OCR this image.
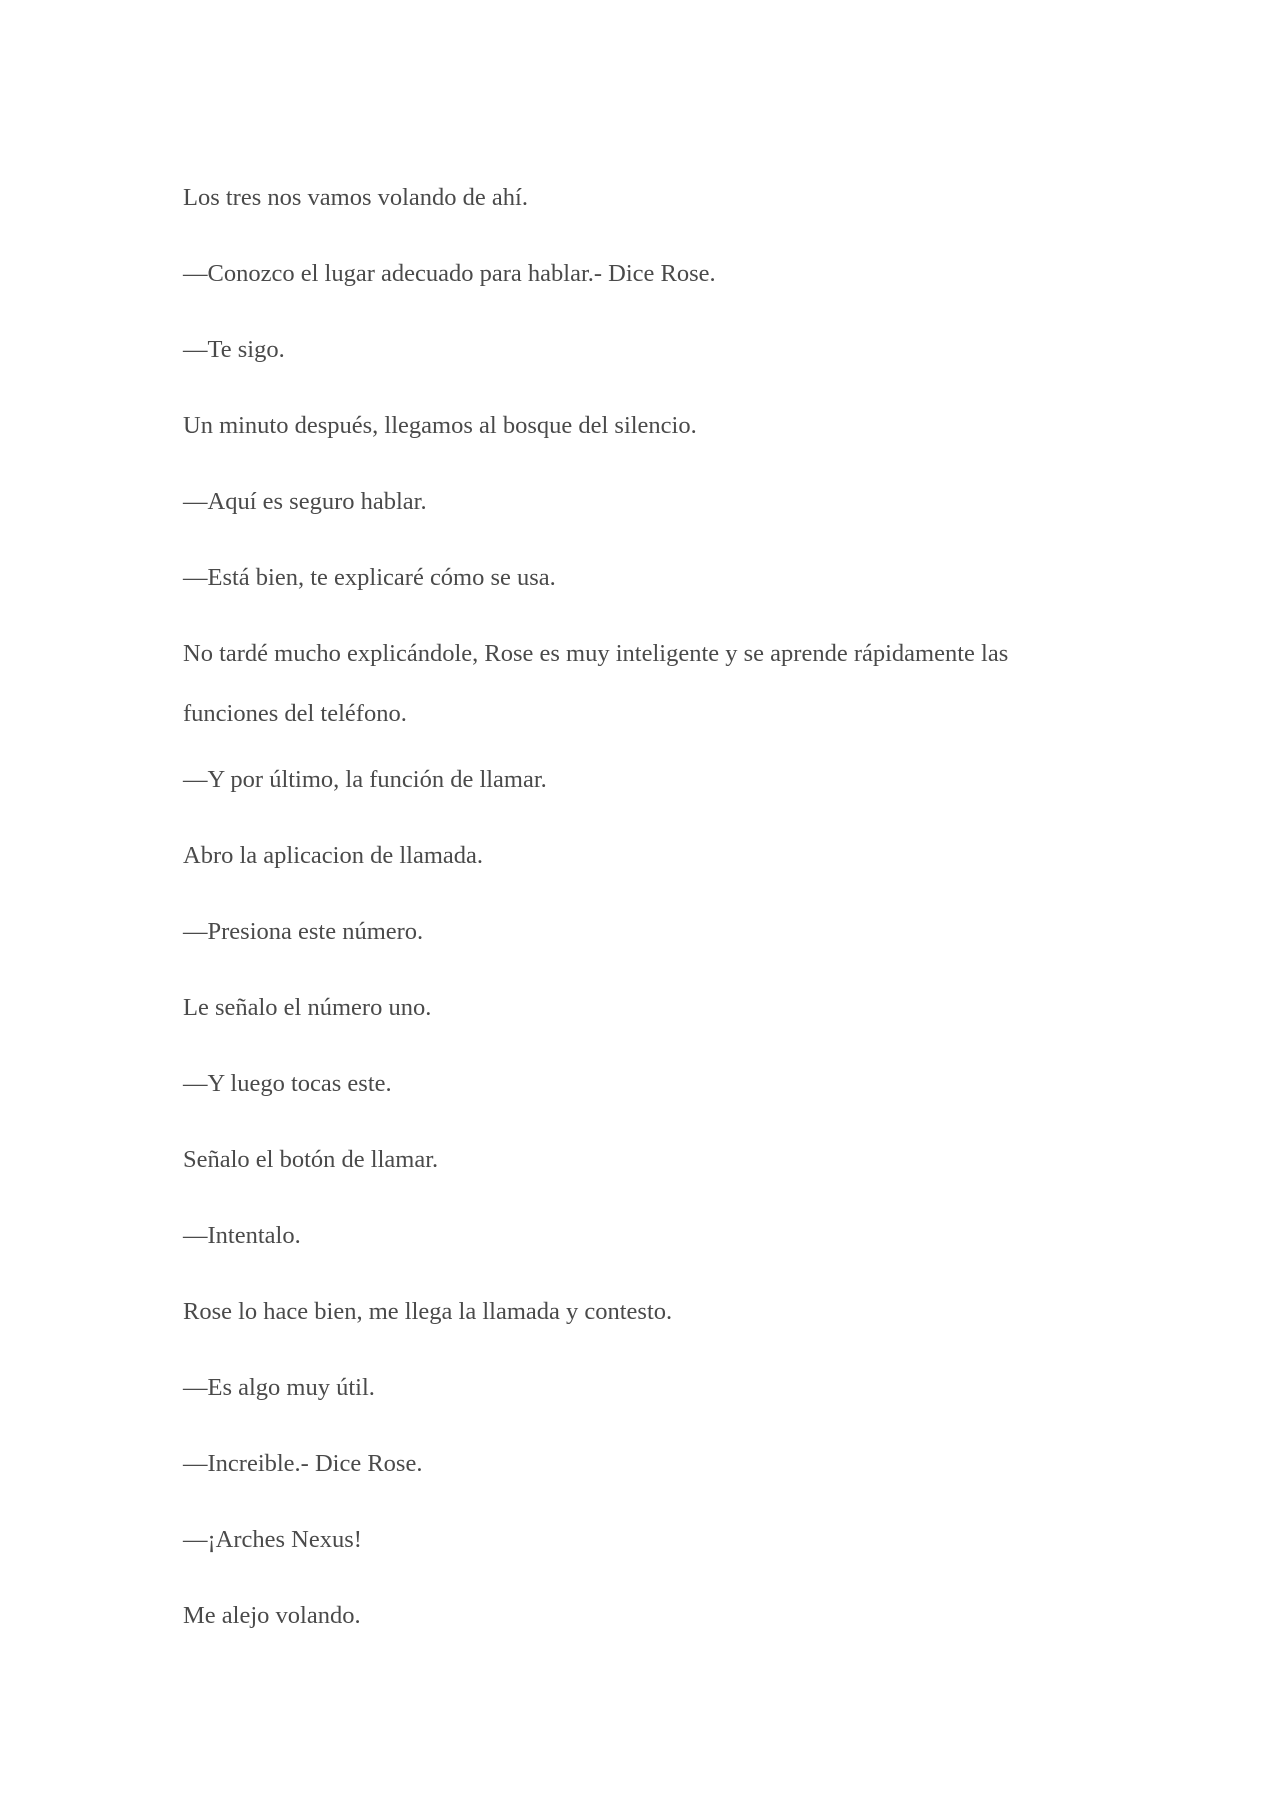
Los tres nos vamos volando de ahí.

—Conozco el lugar adecuado para hablar.- Dice Rose.

—Te sigo.

Un minuto después, llegamos al bosque del silencio.

—Aquí es seguro hablar.

—Está bien, te explicaré cómo se usa.

No tardé mucho explicándole, Rose es muy inteligente y se aprende rápidamente las funciones del teléfono.

—Y por último, la función de llamar.

Abro la aplicacion de llamada.

—Presiona este número.

Le señalo el número uno.

—Y luego tocas este.

Señalo el botón de llamar.

—Intentalo.

Rose lo hace bien, me llega la llamada y contesto.

—Es algo muy útil.

—Increible.- Dice Rose.

—¡Arches Nexus!

Me alejo volando.
